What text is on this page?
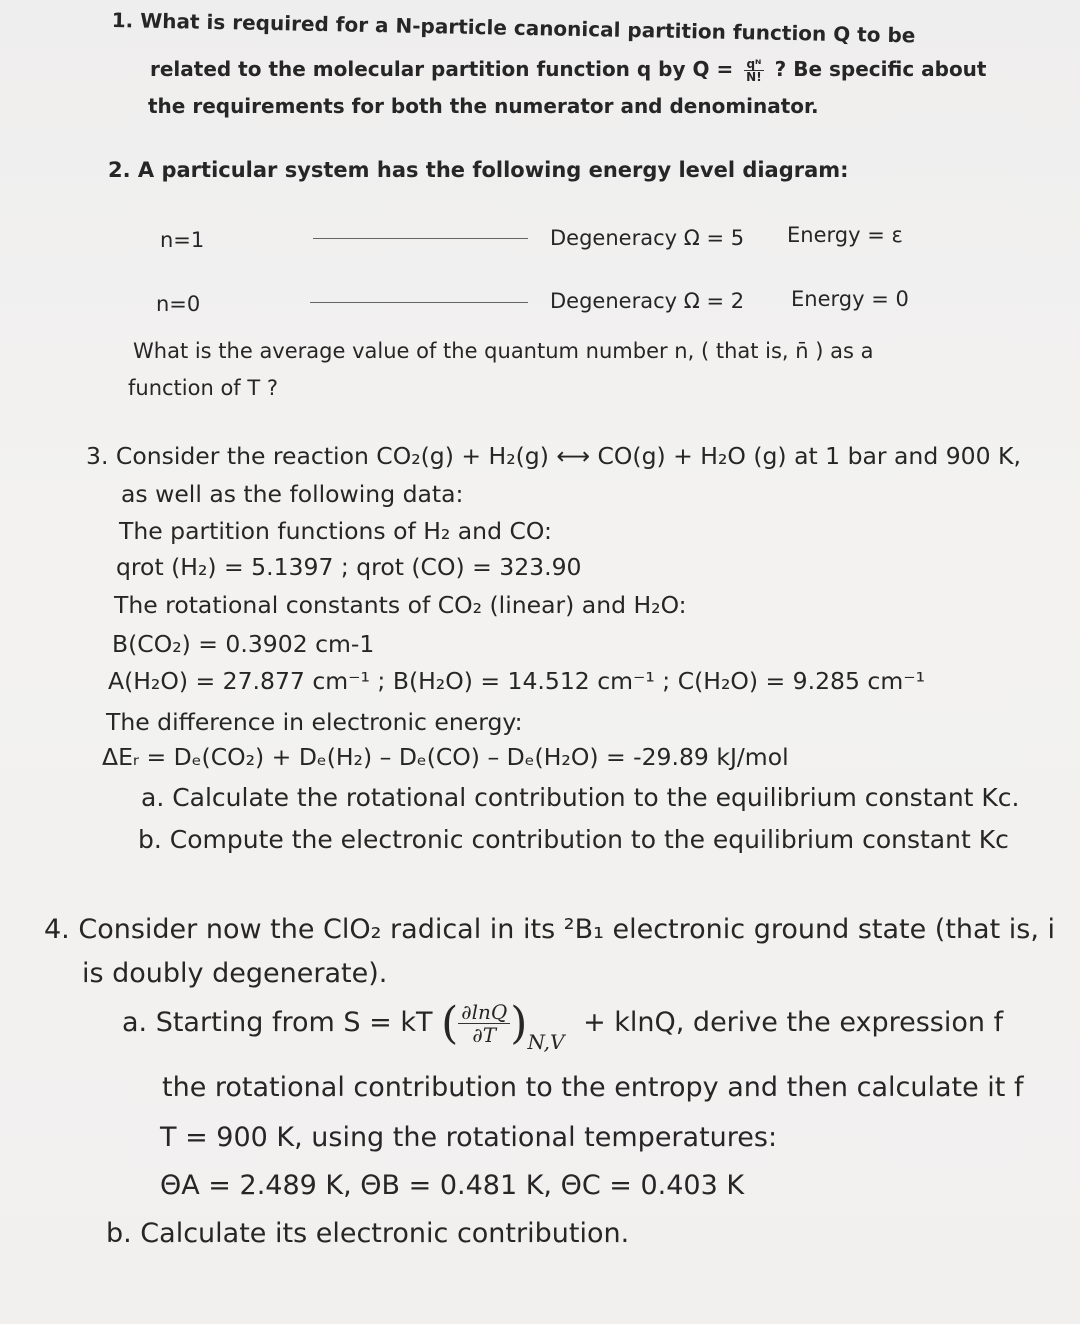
1. What is required for a N-particle canonical partition function Q to be
related to the molecular partition function q by $Q = \frac{\text{qᴺ}}{N!}$ ? Be specific about
the requirements for both the numerator and denominator.
2. A particular system has the following energy level diagram:
n=1	Degeneracy Ω = 5 Energy = ε
n=0	Degeneracy Ω = 2 Energy = 0
What is the average value of the quantum number n, ( that is, n̄ ) as a
function of T ?
3. Consider the reaction CO₂(g) + H₂(g) ⟷ CO(g) + H₂O (g) at 1 bar and 900 K,
as well as the following data:
The partition functions of H₂ and CO:
qrot (H₂) = 5.1397 ; qrot (CO) = 323.90
The rotational constants of CO₂ (linear) and H₂O:
B(CO₂) = 0.3902 cm-1
A(H₂O) = 27.877 cm⁻¹ ; B(H₂O) = 14.512 cm⁻¹ ; C(H₂O) = 9.285 cm⁻¹
The difference in electronic energy:
ΔEᵣ = Dₑ(CO₂) + Dₑ(H₂) – Dₑ(CO) – Dₑ(H₂O) = -29.89 kJ/mol
a. Calculate the rotational contribution to the equilibrium constant Kc.
b. Compute the electronic contribution to the equilibrium constant Kc
4. Consider now the ClO₂ radical in its ²B₁ electronic ground state (that is, i
is doubly degenerate).
a. Starting from S = kT ( $\frac{\partial\ln Q}{\partial T} )_{N,V} + klnQ$, derive the expression f
the rotational contribution to the entropy and then calculate it f
T = 900 K, using the rotational temperatures:
ΘA = 2.489 K, ΘB = 0.481 K, ΘC = 0.403 K
b. Calculate its electronic contribution.
